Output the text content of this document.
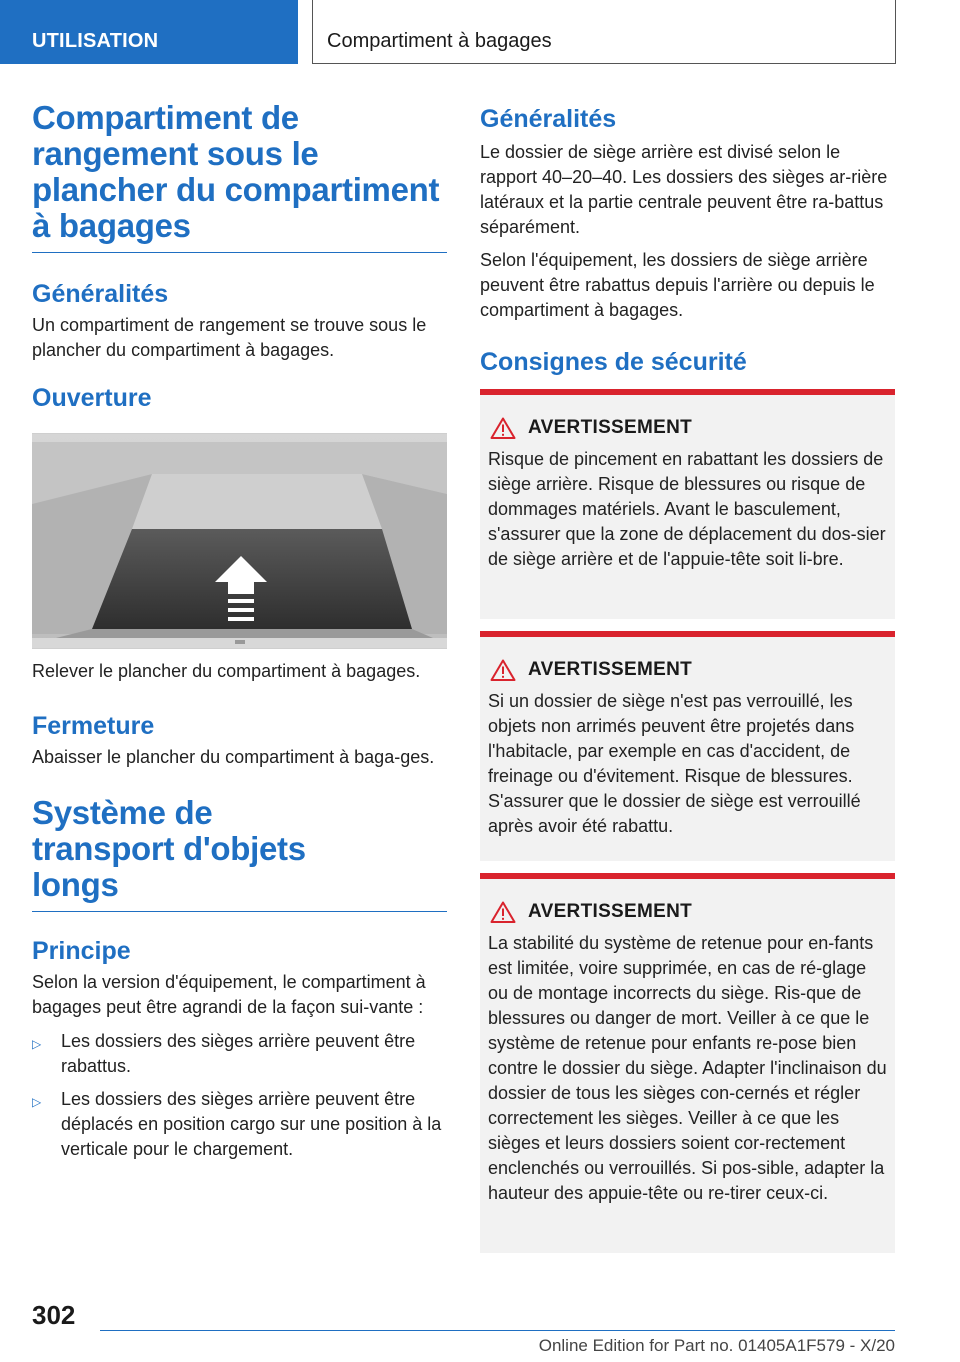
UTILISATION	Compartiment à bagages
Compartiment de rangement sous le plancher du compartiment à bagages
Généralités
Un compartiment de rangement se trouve sous le plancher du compartiment à bagages.
Ouverture
Relever le plancher du compartiment à bagages.
Fermeture
Abaisser le plancher du compartiment à baga-ges.
Système de transport d'objets longs
Principe
Selon la version d'équipement, le compartiment à bagages peut être agrandi de la façon sui-vante :
▷ Les dossiers des sièges arrière peuvent être rabattus.
▷ Les dossiers des sièges arrière peuvent être déplacés en position cargo sur une position à la verticale pour le chargement.
Généralités
Le dossier de siège arrière est divisé selon le rapport 40–20–40. Les dossiers des sièges ar-rière latéraux et la partie centrale peuvent être ra-battus séparément.
Selon l'équipement, les dossiers de siège arrière peuvent être rabattus depuis l'arrière ou depuis le compartiment à bagages.
Consignes de sécurité
AVERTISSEMENT
Risque de pincement en rabattant les dossiers de siège arrière. Risque de blessures ou risque de dommages matériels. Avant le basculement, s'assurer que la zone de déplacement du dos-sier de siège arrière et de l'appuie-tête soit li-bre.
AVERTISSEMENT
Si un dossier de siège n'est pas verrouillé, les objets non arrimés peuvent être projetés dans l'habitacle, par exemple en cas d'accident, de freinage ou d'évitement. Risque de blessures. S'assurer que le dossier de siège est verrouillé après avoir été rabattu.
AVERTISSEMENT
La stabilité du système de retenue pour en-fants est limitée, voire supprimée, en cas de ré-glage ou de montage incorrects du siège. Ris-que de blessures ou danger de mort. Veiller à ce que le système de retenue pour enfants re-pose bien contre le dossier du siège. Adapter l'inclinaison du dossier de tous les sièges con-cernés et régler correctement les sièges. Veiller à ce que les sièges et leurs dossiers soient cor-rectement enclenchés ou verrouillés. Si pos-sible, adapter la hauteur des appuie-tête ou re-tirer ceux-ci.
302
Online Edition for Part no. 01405A1F579 - X/20
